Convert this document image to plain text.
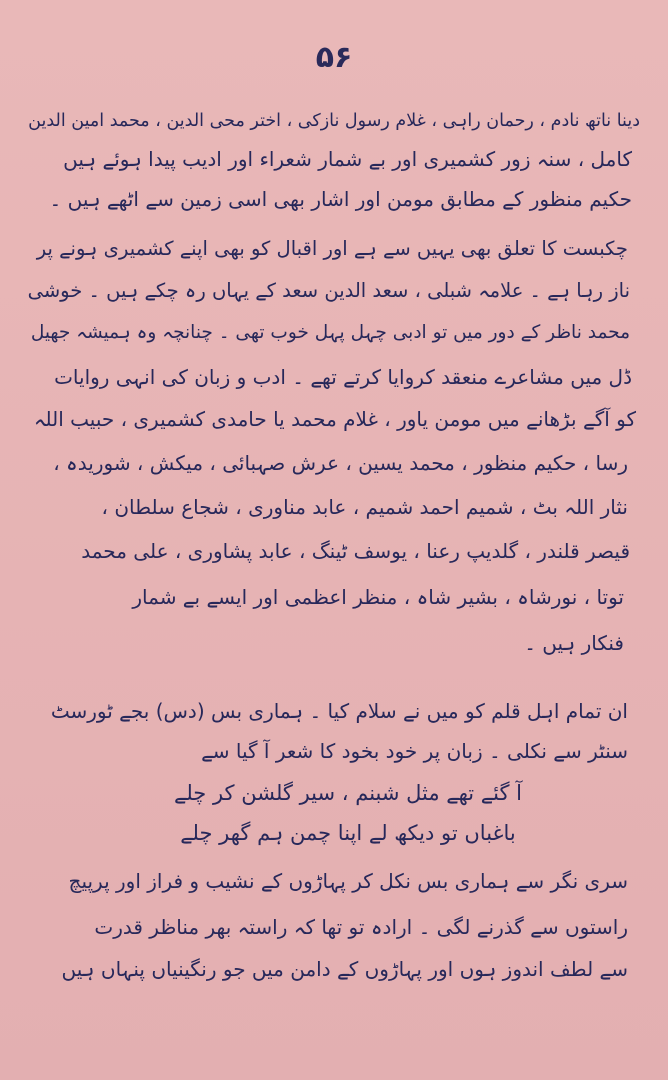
۵۶
دینا ناتھ نادم ، رحمان راہی ، غلام رسول نازکی ، اختر محی الدین ، محمد امین الدین
کامل ، سنہ زور کشمیری اور بے شمار شعراء اور ادیب پیدا ہوئے ہیں
حکیم منظور کے مطابق مومن اور اشار بھی اسی زمین سے اٹھے ہیں ۔
چکبست کا تعلق بھی یہیں سے ہے اور اقبال کو بھی اپنے کشمیری ہونے پر
ناز رہا ہے ۔ علامہ شبلی ، سعد الدین سعد کے یہاں رہ چکے ہیں ۔ خوشی
محمد ناظر کے دور میں تو ادبی چہل پہل خوب تھی ۔ چنانچہ وہ ہمیشہ جھیل
ڈل میں مشاعرے منعقد کروایا کرتے تھے ۔ ادب و زبان کی انہی روایات
کو آگے بڑھانے میں مومن یاور ، غلام محمد یا حامدی کشمیری ، حبیب اللہ
رسا ، حکیم منظور ، محمد یسین ، عرش صہبائی ، میکش ، شوریدہ ،
نثار اللہ بٹ ، شمیم احمد شمیم ، عابد مناوری ، شجاع سلطان ،
قیصر قلندر ، گلدیپ رعنا ، یوسف ٹینگ ، عابد پشاوری ، علی محمد
توتا ، نورشاہ ، بشیر شاہ ، منظر اعظمی اور ایسے بے شمار
فنکار ہیں ۔
ان تمام اہل قلم کو میں نے سلام کیا ۔ ہماری بس (دس) بجے ٹورسٹ
سنٹر سے نکلی ۔ زبان پر خود بخود کا شعر آ گیا سے
آ گئے تھے مثل شبنم ، سیر گلشن کر چلے
باغباں تو دیکھ لے اپنا چمن ہم گھر چلے
سری نگر سے ہماری بس نکل کر پہاڑوں کے نشیب و فراز اور پرپیچ
راستوں سے گذرنے لگی ۔ ارادہ تو تھا کہ راستہ بھر مناظر قدرت
سے لطف اندوز ہوں اور پہاڑوں کے دامن میں جو رنگینیاں پنہاں ہیں
